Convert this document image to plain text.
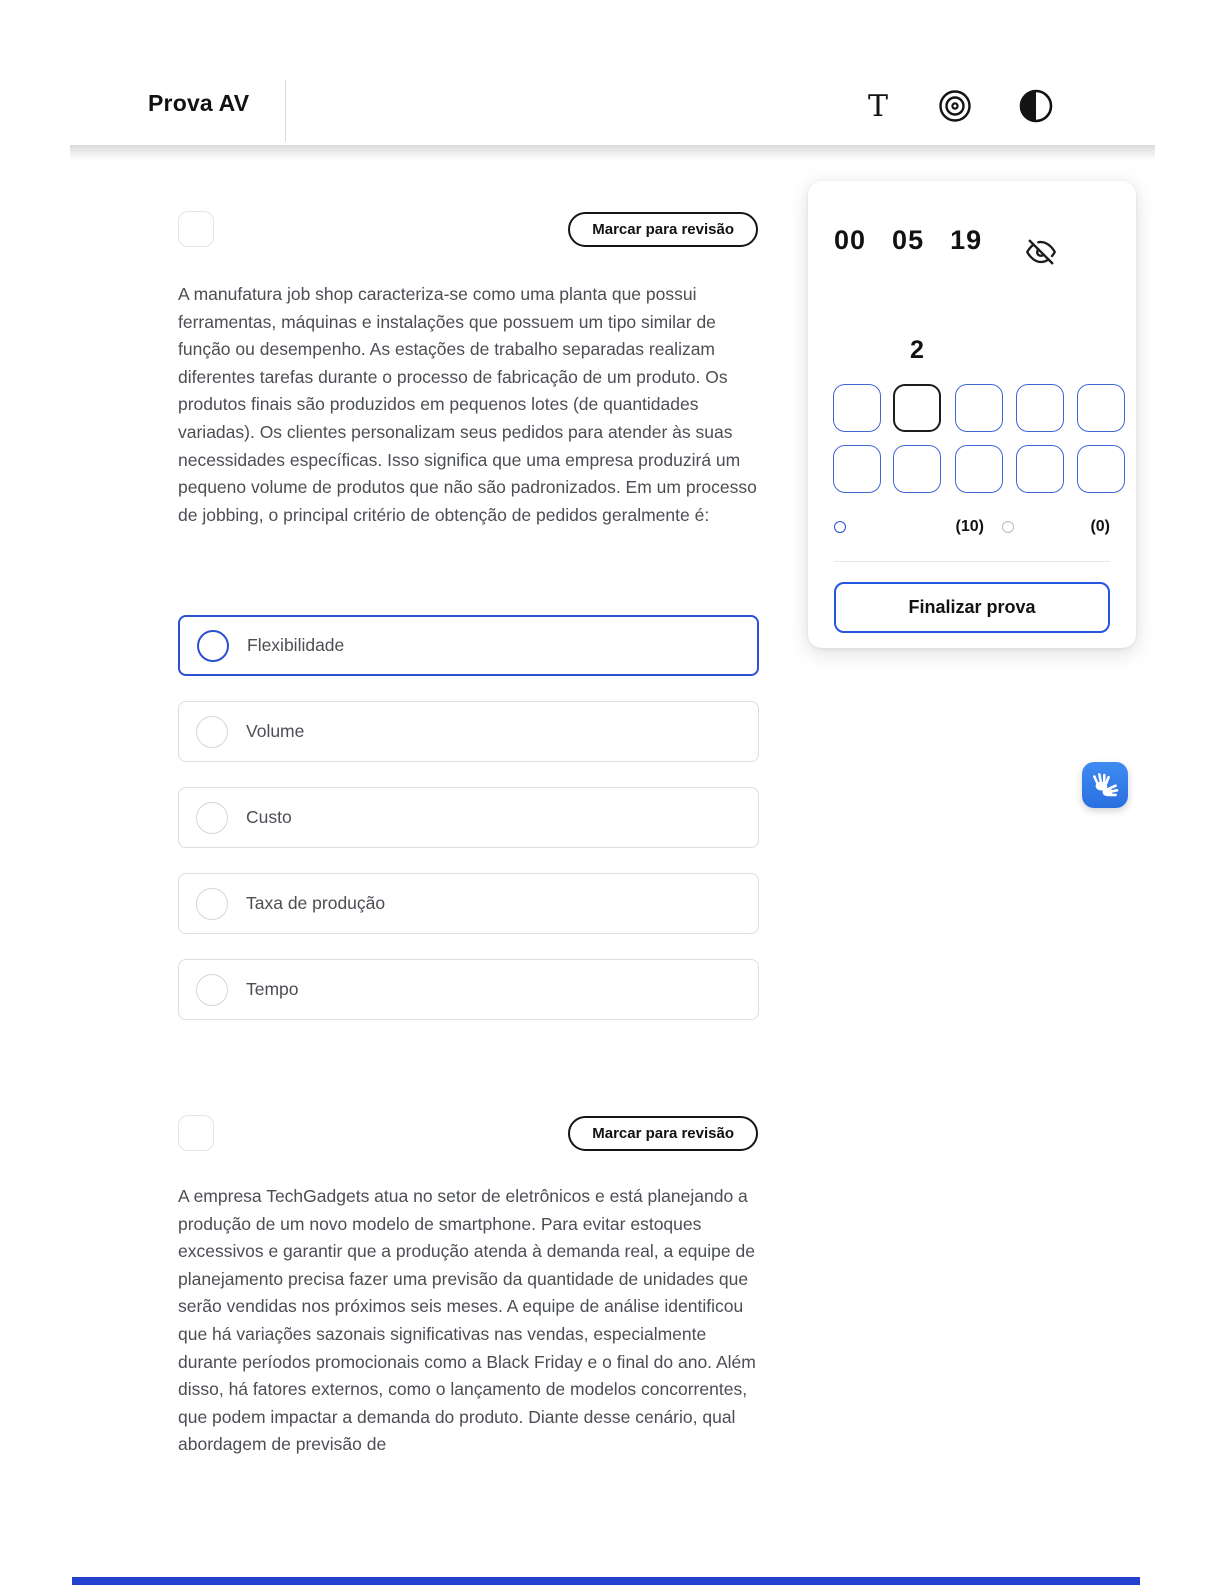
Prova AV	T
Marcar para revisão
A manufatura job shop caracteriza-se como uma planta que possui ferramentas, máquinas e instalações que possuem um tipo similar de função ou desempenho. As estações de trabalho separadas realizam diferentes tarefas durante o processo de fabricação de um produto. Os produtos finais são produzidos em pequenos lotes (de quantidades variadas). Os clientes personalizam seus pedidos para atender às suas necessidades específicas. Isso significa que uma empresa produzirá um pequeno volume de produtos que não são padronizados. Em um processo de jobbing, o principal critério de obtenção de pedidos geralmente é:
Flexibilidade
Volume
Custo
Taxa de produção
Tempo
Marcar para revisão
A empresa TechGadgets atua no setor de eletrônicos e está planejando a produção de um novo modelo de smartphone. Para evitar estoques excessivos e garantir que a produção atenda à demanda real, a equipe de planejamento precisa fazer uma previsão da quantidade de unidades que serão vendidas nos próximos seis meses. A equipe de análise identificou que há variações sazonais significativas nas vendas, especialmente durante períodos promocionais como a Black Friday e o final do ano. Além disso, há fatores externos, como o lançamento de modelos concorrentes, que podem impactar a demanda do produto. Diante desse cenário, qual abordagem de previsão de
00 05 19
2
(10)	(0)
Finalizar prova
